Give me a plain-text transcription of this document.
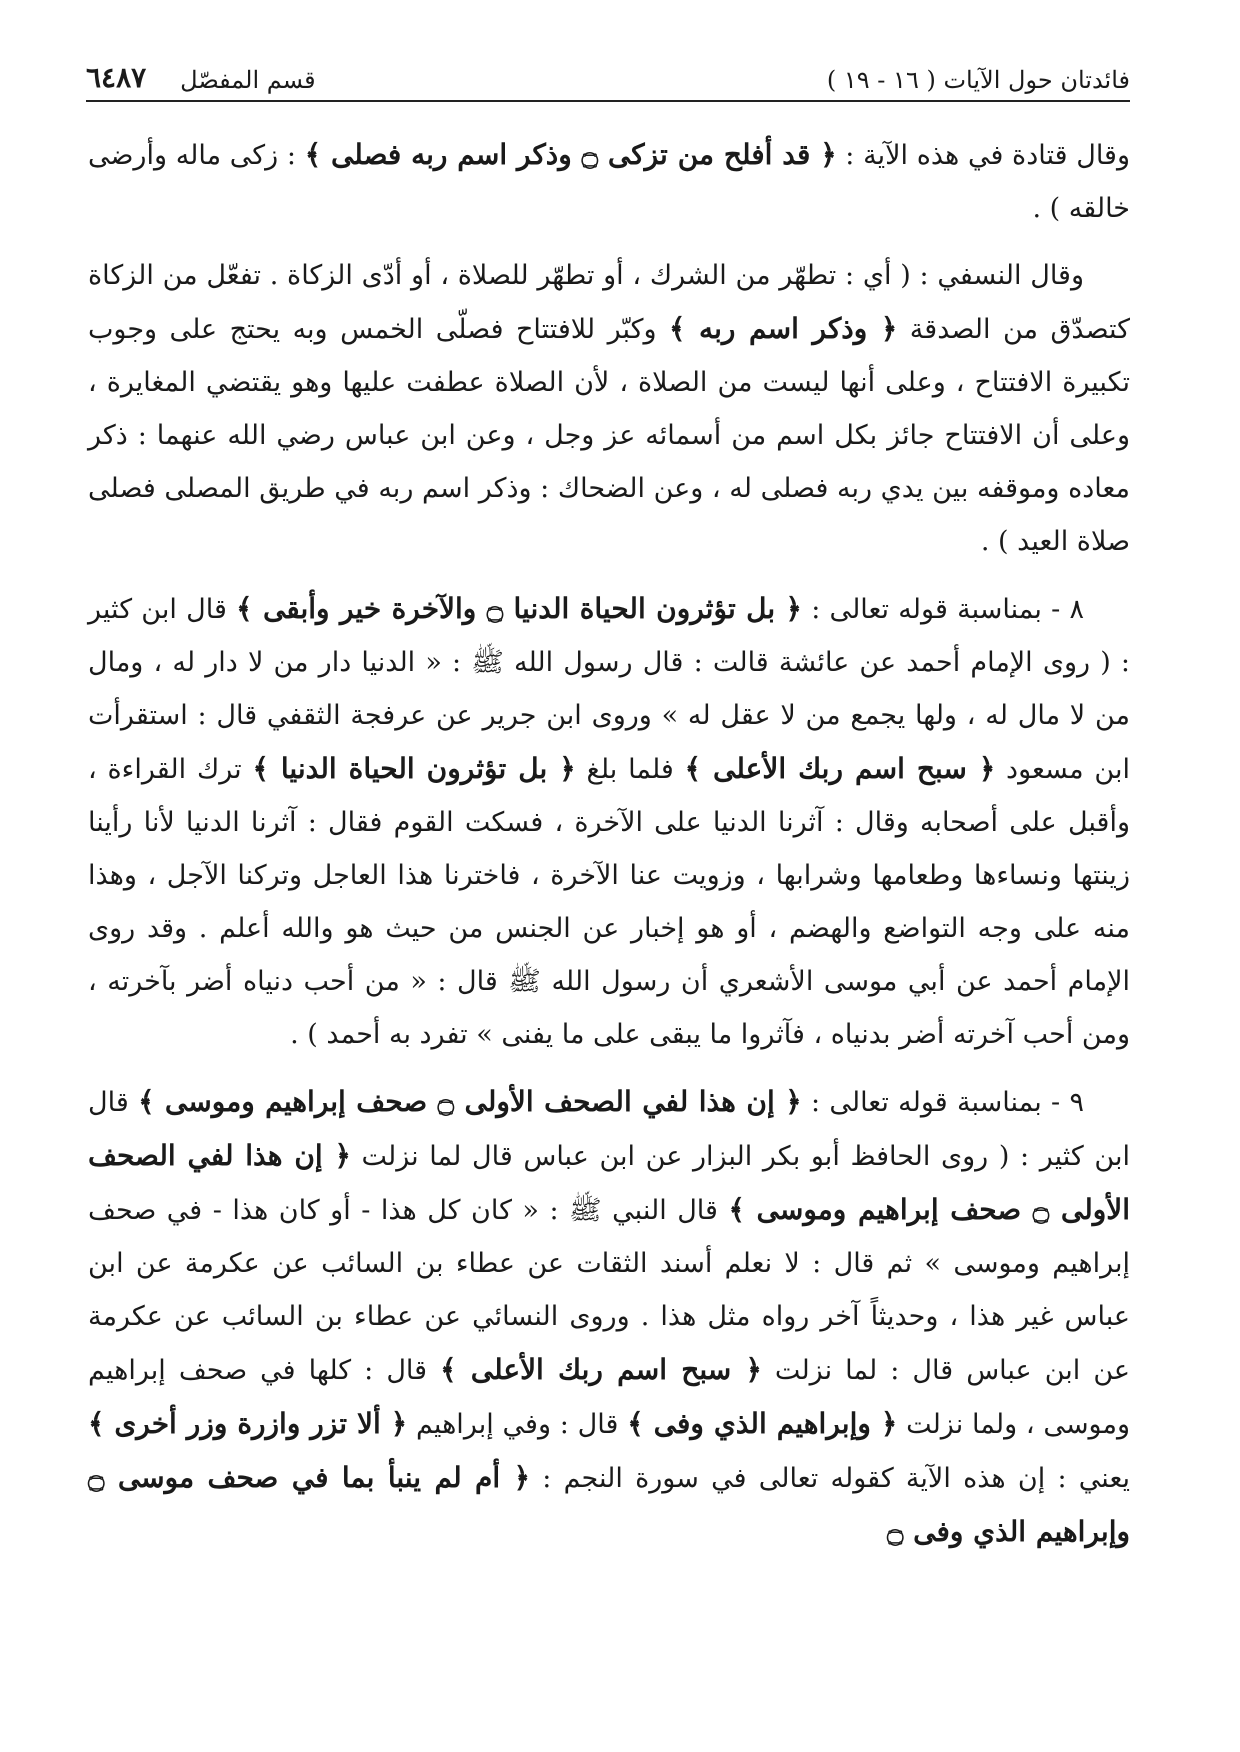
فائدتان حول الآيات ( ١٦ - ١٩ )
قسم المفصّل
٦٤٨٧

وقال قتادة في هذه الآية : ﴿ قد أفلح من تزكى ۝ وذكر اسم ربه فصلى ﴾ : زكى ماله وأرضى خالقه ) .

وقال النسفي : ( أي : تطهّر من الشرك ، أو تطهّر للصلاة ، أو أدّى الزكاة . تفعّل من الزكاة كتصدّق من الصدقة ﴿ وذكر اسم ربه ﴾ وكبّر للافتتاح فصلّى الخمس وبه يحتج على وجوب تكبيرة الافتتاح ، وعلى أنها ليست من الصلاة ، لأن الصلاة عطفت عليها وهو يقتضي المغايرة ، وعلى أن الافتتاح جائز بكل اسم من أسمائه عز وجل ، وعن ابن عباس رضي الله عنهما : ذكر معاده وموقفه بين يدي ربه فصلى له ، وعن الضحاك : وذكر اسم ربه في طريق المصلى فصلى صلاة العيد ) .

٨ - بمناسبة قوله تعالى : ﴿ بل تؤثرون الحياة الدنيا ۝ والآخرة خير وأبقى ﴾ قال ابن كثير : ( روى الإمام أحمد عن عائشة قالت : قال رسول الله ﷺ : « الدنيا دار من لا دار له ، ومال من لا مال له ، ولها يجمع من لا عقل له » وروى ابن جرير عن عرفجة الثقفي قال : استقرأت ابن مسعود ﴿ سبح اسم ربك الأعلى ﴾ فلما بلغ ﴿ بل تؤثرون الحياة الدنيا ﴾ ترك القراءة ، وأقبل على أصحابه وقال : آثرنا الدنيا على الآخرة ، فسكت القوم فقال : آثرنا الدنيا لأنا رأينا زينتها ونساءها وطعامها وشرابها ، وزويت عنا الآخرة ، فاخترنا هذا العاجل وتركنا الآجل ، وهذا منه على وجه التواضع والهضم ، أو هو إخبار عن الجنس من حيث هو والله أعلم . وقد روى الإمام أحمد عن أبي موسى الأشعري أن رسول الله ﷺ قال : « من أحب دنياه أضر بآخرته ، ومن أحب آخرته أضر بدنياه ، فآثروا ما يبقى على ما يفنى » تفرد به أحمد ) .

٩ - بمناسبة قوله تعالى : ﴿ إن هذا لفي الصحف الأولى ۝ صحف إبراهيم وموسى ﴾ قال ابن كثير : ( روى الحافظ أبو بكر البزار عن ابن عباس قال لما نزلت ﴿ إن هذا لفي الصحف الأولى ۝ صحف إبراهيم وموسى ﴾ قال النبي ﷺ : « كان كل هذا - أو كان هذا - في صحف إبراهيم وموسى » ثم قال : لا نعلم أسند الثقات عن عطاء بن السائب عن عكرمة عن ابن عباس غير هذا ، وحديثاً آخر رواه مثل هذا . وروى النسائي عن عطاء بن السائب عن عكرمة عن ابن عباس قال : لما نزلت ﴿ سبح اسم ربك الأعلى ﴾ قال : كلها في صحف إبراهيم وموسى ، ولما نزلت ﴿ وإبراهيم الذي وفى ﴾ قال : وفي إبراهيم ﴿ ألا تزر وازرة وزر أخرى ﴾ يعني : إن هذه الآية كقوله تعالى في سورة النجم : ﴿ أم لم ينبأ بما في صحف موسى ۝ وإبراهيم الذي وفى ۝
